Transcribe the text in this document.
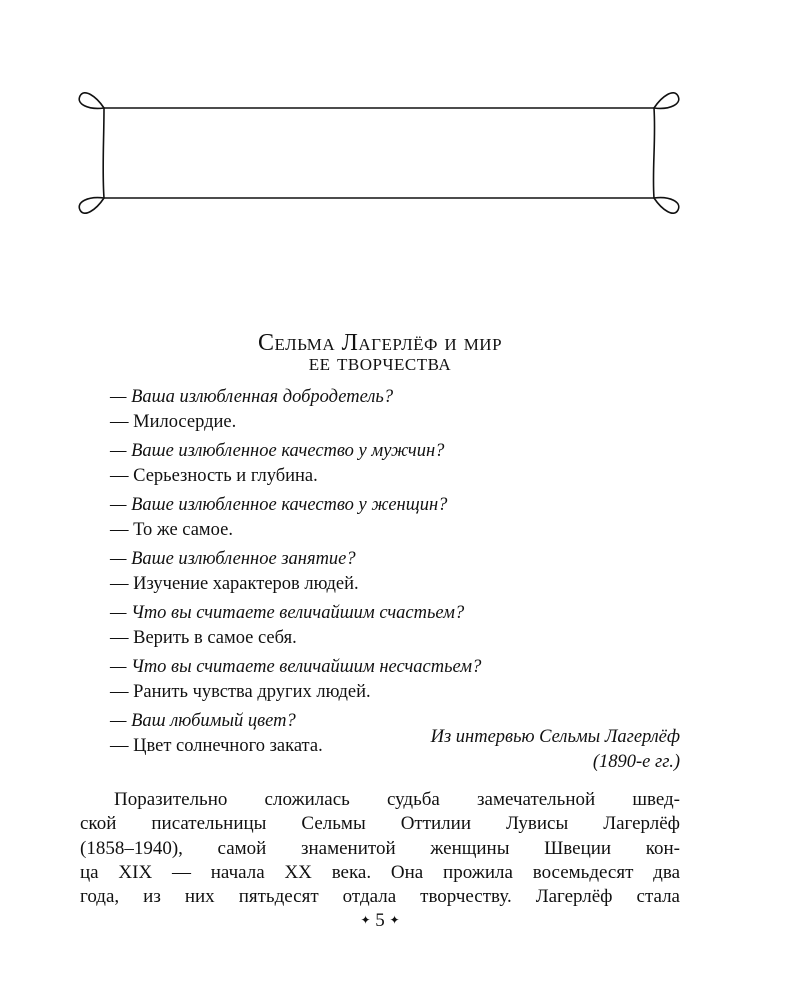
Сельма Лагерлёф и мир
ее творчества
— Ваша излюбленная добродетель?
— Милосердие.
— Ваше излюбленное качество у мужчин?
— Серьезность и глубина.
— Ваше излюбленное качество у женщин?
— То же самое.
— Ваше излюбленное занятие?
— Изучение характеров людей.
— Что вы считаете величайшим счастьем?
— Верить в самое себя.
— Что вы считаете величайшим несчастьем?
— Ранить чувства других людей.
— Ваш любимый цвет?
— Цвет солнечного заката.	Из интервью Сельмы Лагерлёф
(1890-е гг.)
Поразительно сложилась судьба замечательной швед-
ской писательницы Сельмы Оттилии Лувисы Лагерлёф
(1858–1940), самой знаменитой женщины Швеции кон-
ца XIX — начала XX века. Она прожила восемьдесят два
года, из них пятьдесят отдала творчеству. Лагерлёф стала
✦ 5 ✦
